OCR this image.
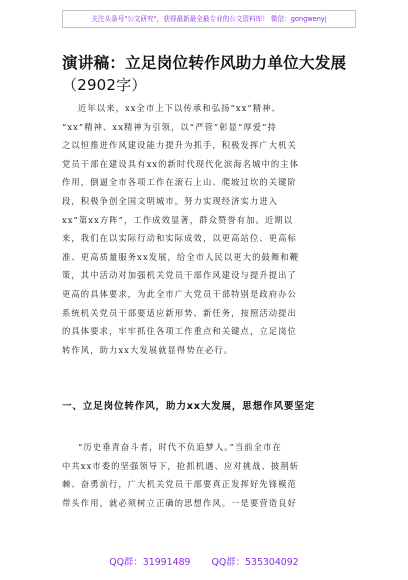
关注头条号"公文研究"，获得最新最全最专业的公文资料库！ 微信：gongwenyj
演讲稿：立足岗位转作风助力单位大发展
（2902字）
近年以来，xx全市上下以传承和弘扬“xx”精神、
“xx”精神、xx精神为引领，以“严管”彰显“厚爱”持
之以恒推进作风建设能力提升为抓手，积极发挥广大机关
党员干部在建设具有xx的新时代现代化滨海名城中的主体
作用，倒逼全市各项工作在滚石上山、爬坡过坎的关键阶
段，积极争创全国文明城市。努力实现经济实力进入
xx“第xx方阵”，工作成效显著，群众赞誉有加。近期以
来，我们在以实际行动和实际成效，以更高站位、更高标
准、更高质量服务xx发展，给全市人民以更大的鼓舞和鞭
策，其中活动对加强机关党员干部作风建设与提升提出了
更高的具体要求，为此全市广大党员干部特别是政府办公
系统机关党员干部要适应新形势、新任务，按照活动提出
的具体要求，牢牢抓住各项工作重点和关键点，立足岗位
转作风，助力xx大发展就显得势在必行。
一、立足岗位转作风，助力xx大发展，思想作风要坚定
“历史垂青奋斗者，时代不负追梦人。”当前全市在
中共xx市委的坚强领导下，抢抓机遇、应对挑战、披荆斩
棘、奋勇前行，广大机关党员干部要真正发挥好先锋模范
带头作用，就必须树立正确的思想作风。一是要营造良好
QQ群：31991489 QQ群：535304092
